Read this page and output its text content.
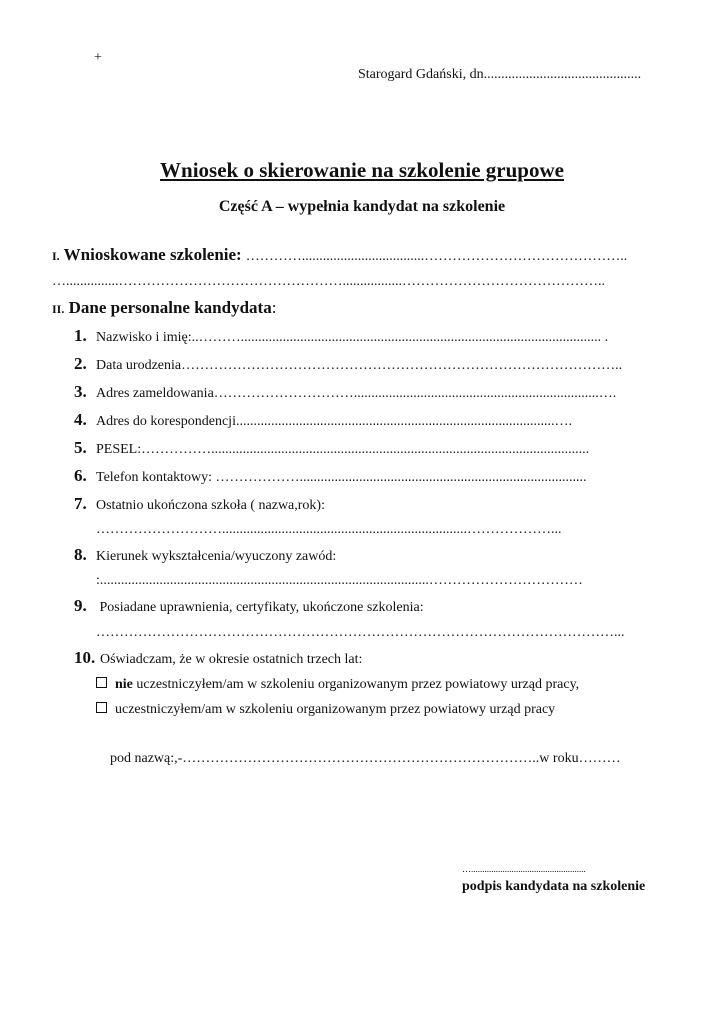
+
Starogard Gdański, dn.............................................
Wniosek o skierowanie na szkolenie grupowe
Część A – wypełnia kandydat na szkolenie
I. Wnioskowane szkolenie: …………...................................……………………………………..
…...............………………………………………….................……………………………………..
II. Dane personalne kandydata:
1. Nazwisko i imię:..………....................................................................................................... .
2. Data urodzenia…………………………………………………………………………………..
3. Adres zameldowania…………………………......................................................................….
4. Adres do korespondencji...........................................................................................….
5. PESEL:……………............................................................................................................
6. Telefon kontaktowy: ………………..................................................................................
7. Ostatnio ukończona szkoła ( nazwa,rok):
………………………......................................................................………………...
8. Kierunek wykształcenia/wyuczony zawód:
:..............................................................................................……………………………
9. Posiadane uprawnienia, certyfikaty, ukończone szkolenia:
…………………………………………………………………………………………………...
10. Oświadczam, że w okresie ostatnich trzech lat:
nie uczestniczyłem/am w szkoleniu organizowanym przez powiatowy urząd pracy,
uczestniczyłem/am w szkoleniu organizowanym przez powiatowy urząd pracy
pod nazwą:,-…………………………………………………………………..w roku………
…...................................................
podpis kandydata na szkolenie
